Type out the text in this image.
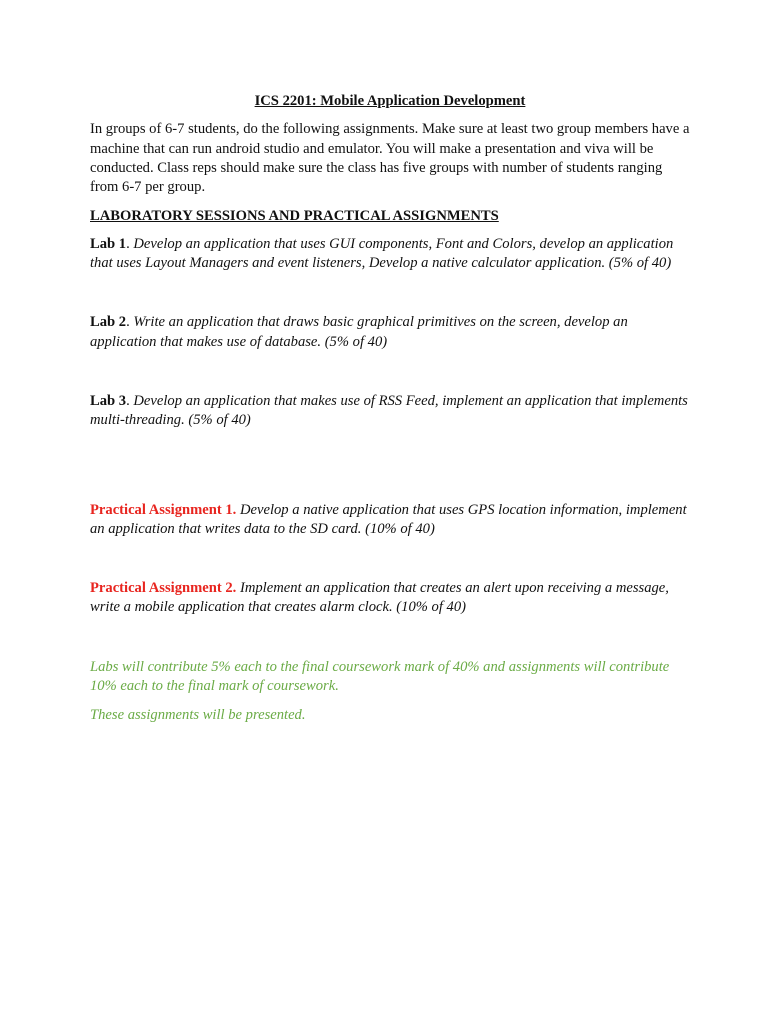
ICS 2201: Mobile Application Development

In groups of 6-7 students, do the following assignments. Make sure at least two group members have a machine that can run android studio and emulator. You will make a presentation and viva will be conducted. Class reps should make sure the class has five groups with number of students ranging from 6-7 per group.

LABORATORY SESSIONS AND PRACTICAL ASSIGNMENTS

Lab 1. Develop an application that uses GUI components, Font and Colors, develop an application that uses Layout Managers and event listeners, Develop a native calculator application. (5% of 40)

Lab 2. Write an application that draws basic graphical primitives on the screen, develop an application that makes use of database. (5% of 40)

Lab 3. Develop an application that makes use of RSS Feed, implement an application that implements multi-threading. (5% of 40)

Practical Assignment 1. Develop a native application that uses GPS location information, implement an application that writes data to the SD card. (10% of 40)

Practical Assignment 2. Implement an application that creates an alert upon receiving a message, write a mobile application that creates alarm clock. (10% of 40)

Labs will contribute 5% each to the final coursework mark of 40% and assignments will contribute 10% each to the final mark of coursework.

These assignments will be presented.
